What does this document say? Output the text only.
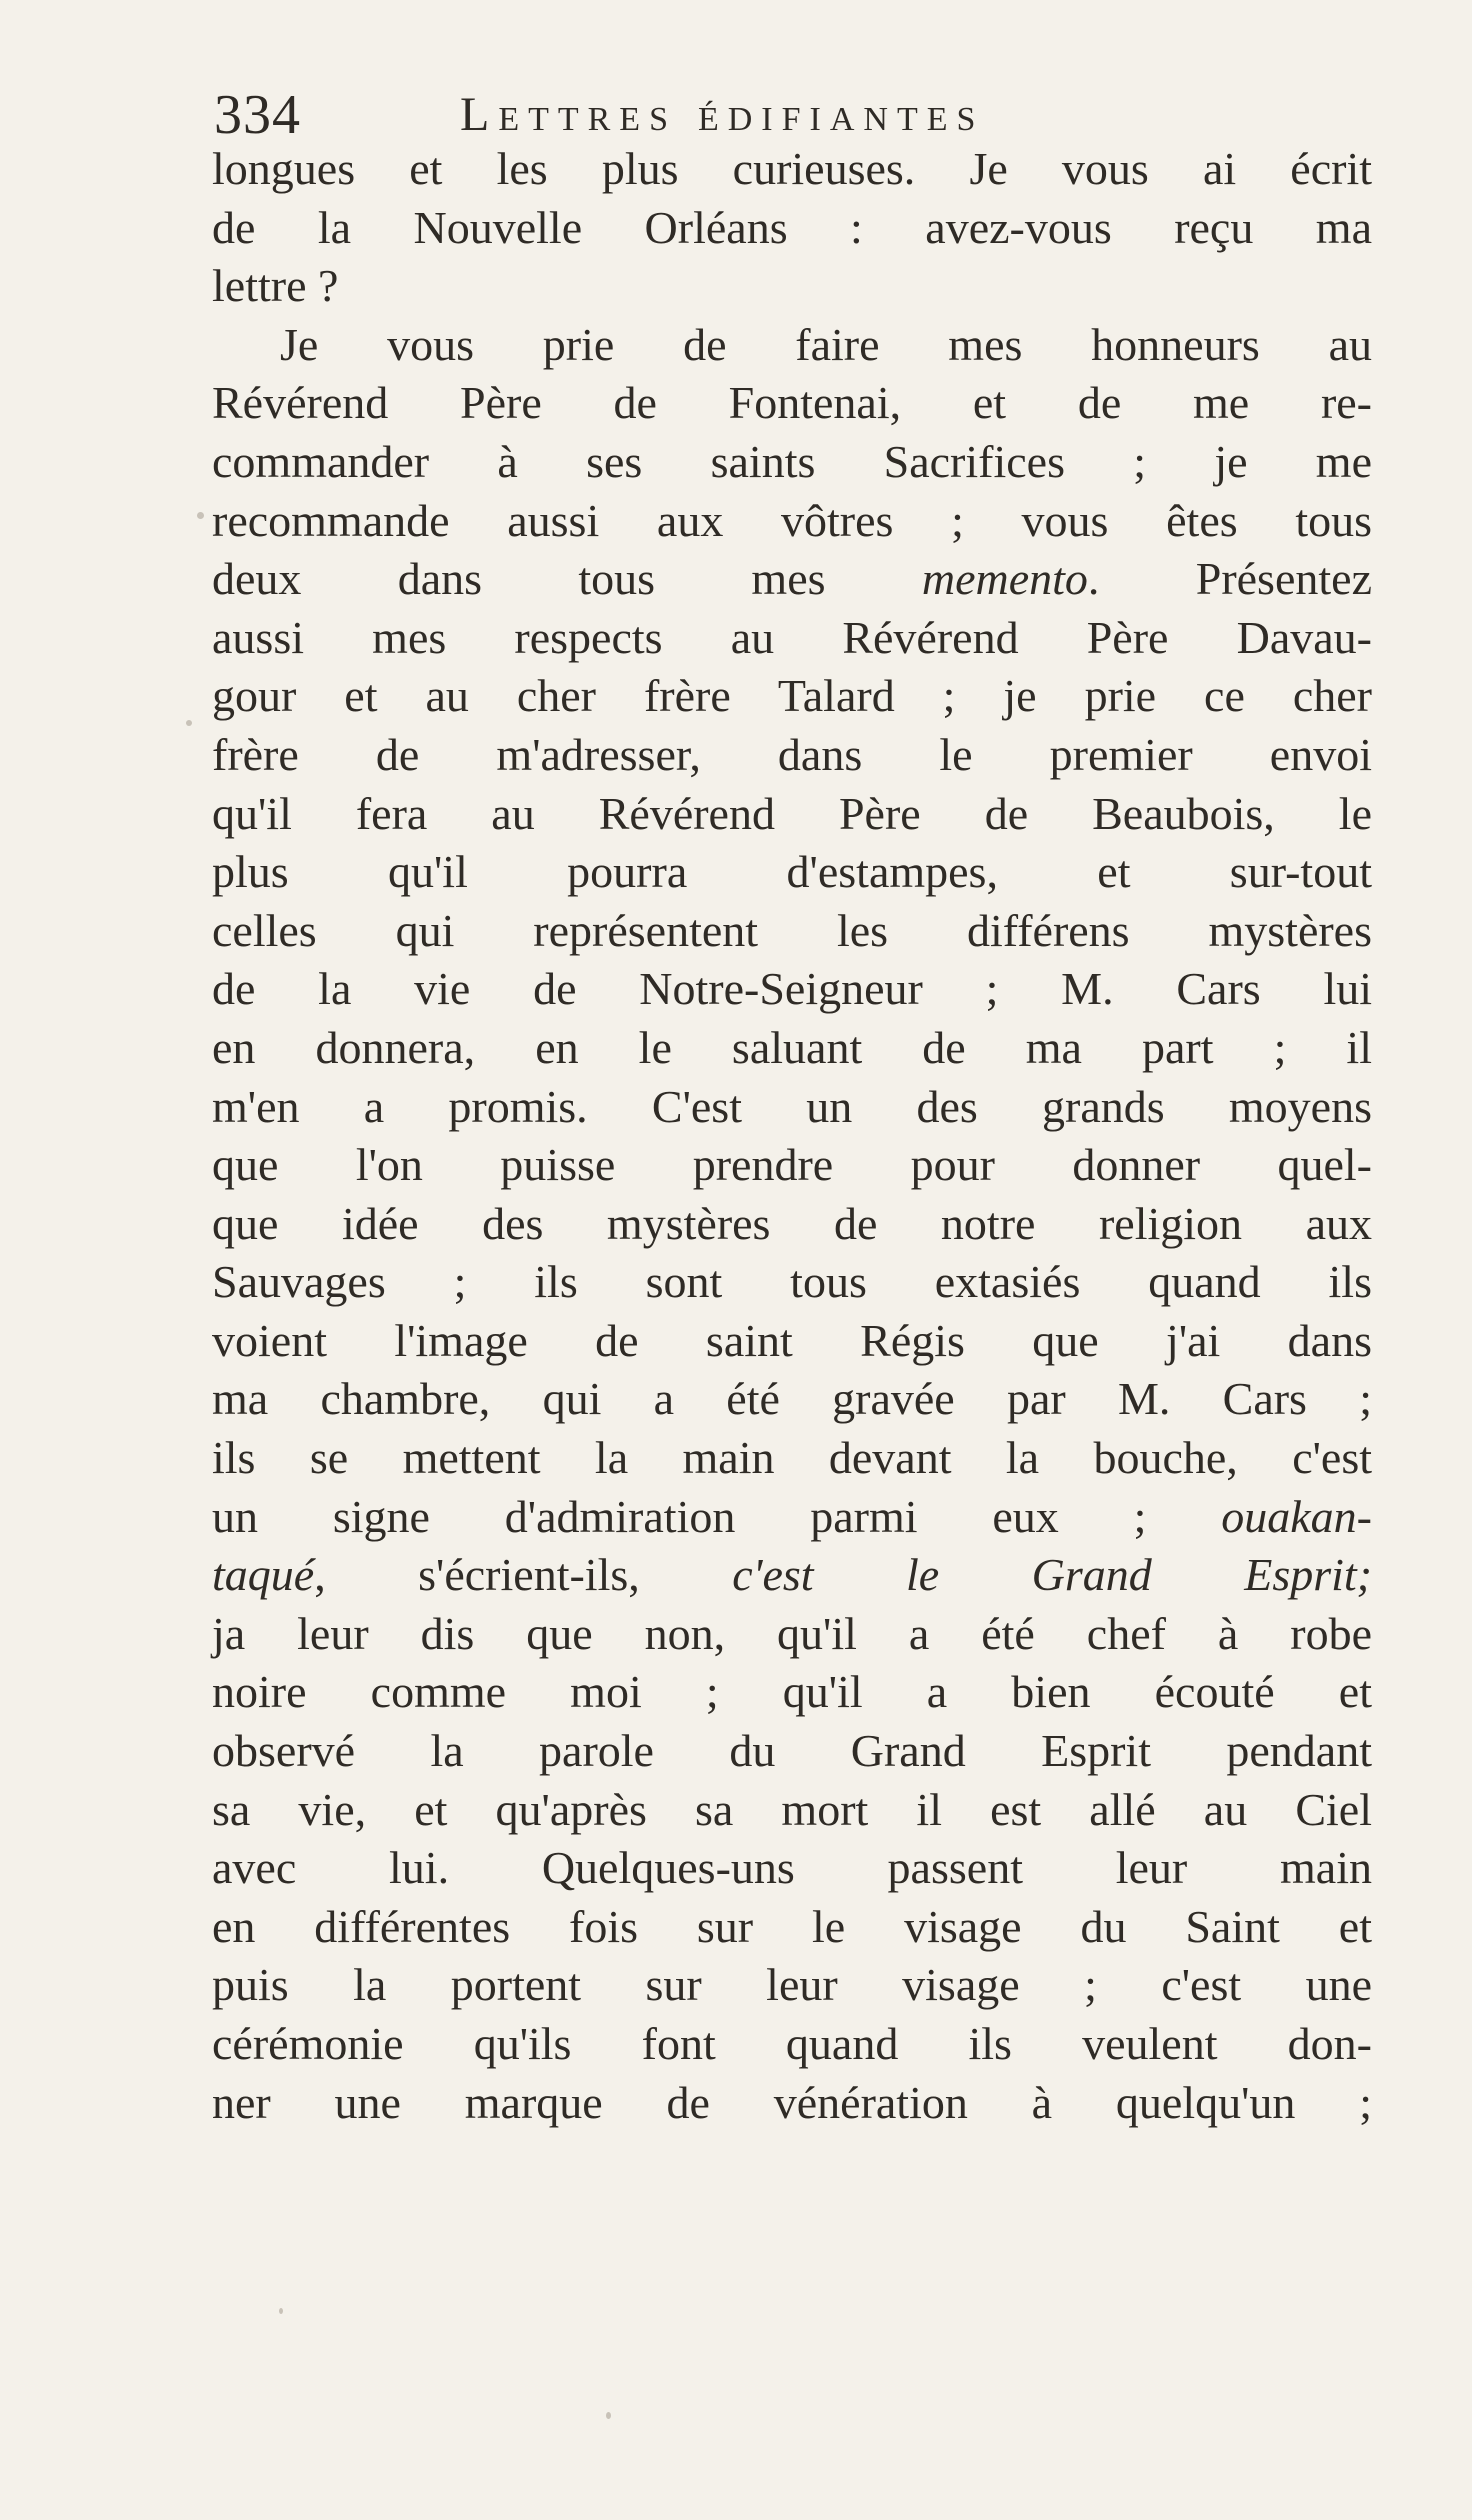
334	Lettres édifiantes
longues et les plus curieuses. Je vous ai écrit
de la Nouvelle Orléans : avez-vous reçu ma
lettre ?
Je vous prie de faire mes honneurs au
Révérend Père de Fontenai, et de me re-
commander à ses saints Sacrifices ; je me
recommande aussi aux vôtres ; vous êtes tous
deux dans tous mes memento. Présentez
aussi mes respects au Révérend Père Davau-
gour et au cher frère Talard ; je prie ce cher
frère de m'adresser, dans le premier envoi
qu'il fera au Révérend Père de Beaubois, le
plus qu'il pourra d'estampes, et sur-tout
celles qui représentent les différens mystères
de la vie de Notre-Seigneur ; M. Cars lui
en donnera, en le saluant de ma part ; il
m'en a promis. C'est un des grands moyens
que l'on puisse prendre pour donner quel-
que idée des mystères de notre religion aux
Sauvages ; ils sont tous extasiés quand ils
voient l'image de saint Régis que j'ai dans
ma chambre, qui a été gravée par M. Cars ;
ils se mettent la main devant la bouche, c'est
un signe d'admiration parmi eux ; ouakan-
taqué, s'écrient-ils, c'est le Grand Esprit;
ja leur dis que non, qu'il a été chef à robe
noire comme moi ; qu'il a bien écouté et
observé la parole du Grand Esprit pendant
sa vie, et qu'après sa mort il est allé au Ciel
avec lui. Quelques-uns passent leur main
en différentes fois sur le visage du Saint et
puis la portent sur leur visage ; c'est une
cérémonie qu'ils font quand ils veulent don-
ner une marque de vénération à quelqu'un ;
